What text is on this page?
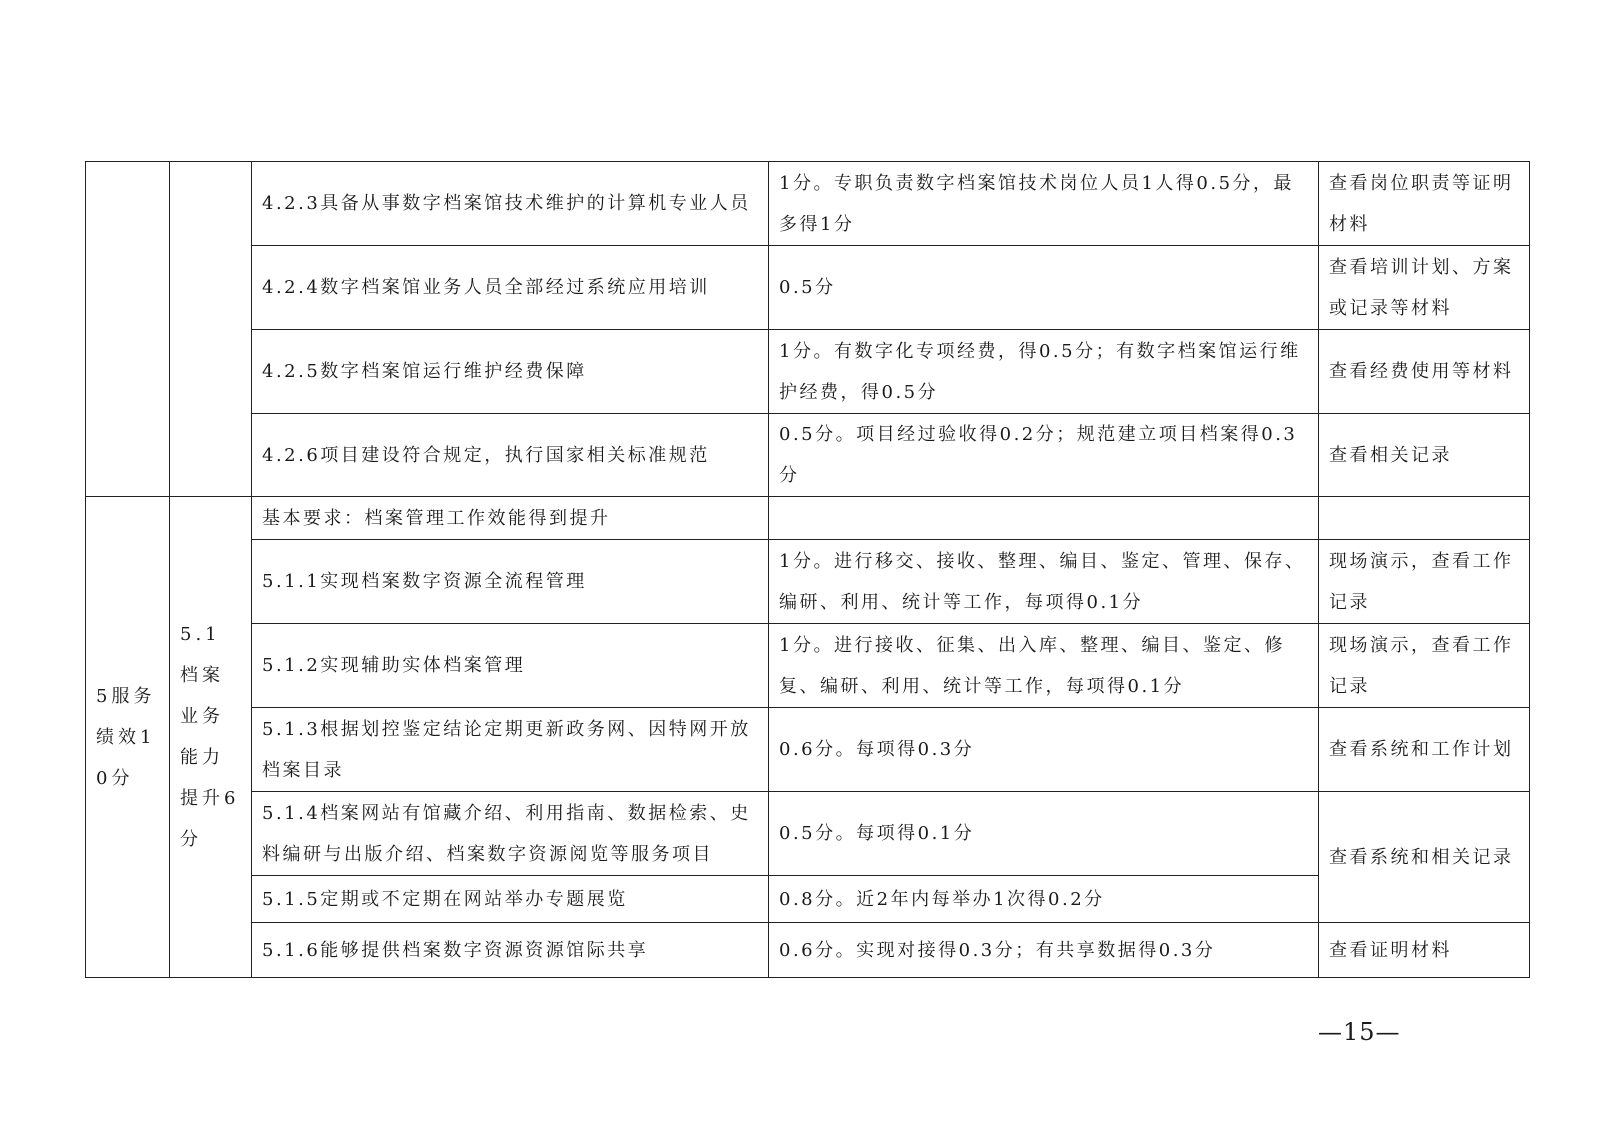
		4.2.3具备从事数字档案馆技术维护的计算机专业人员	1分。专职负责数字档案馆技术岗位人员1人得0.5分，最多得1分	查看岗位职责等证明材料

		4.2.4数字档案馆业务人员全部经过系统应用培训	0.5分	查看培训计划、方案或记录等材料

		4.2.5数字档案馆运行维护经费保障	1分。有数字化专项经费，得0.5分；有数字档案馆运行维护经费，得0.5分	查看经费使用等材料

		4.2.6项目建设符合规定，执行国家相关标准规范	0.5分。项目经过验收得0.2分；规范建立项目档案得0.3分	查看相关记录

5服务绩效10分	5.1档案业务能力提升6分	基本要求：档案管理工作效能得到提升		

		5.1.1实现档案数字资源全流程管理	1分。进行移交、接收、整理、编目、鉴定、管理、保存、编研、利用、统计等工作，每项得0.1分	现场演示，查看工作记录

		5.1.2实现辅助实体档案管理	1分。进行接收、征集、出入库、整理、编目、鉴定、修复、编研、利用、统计等工作，每项得0.1分	现场演示，查看工作记录

		5.1.3根据划控鉴定结论定期更新政务网、因特网开放档案目录	0.6分。每项得0.3分	查看系统和工作计划

		5.1.4档案网站有馆藏介绍、利用指南、数据检索、史料编研与出版介绍、档案数字资源阅览等服务项目	0.5分。每项得0.1分	查看系统和相关记录

		5.1.5定期或不定期在网站举办专题展览	0.8分。近2年内每举办1次得0.2分	

		5.1.6能够提供档案数字资源资源馆际共享	0.6分。实现对接得0.3分；有共享数据得0.3分	查看证明材料
—15—
